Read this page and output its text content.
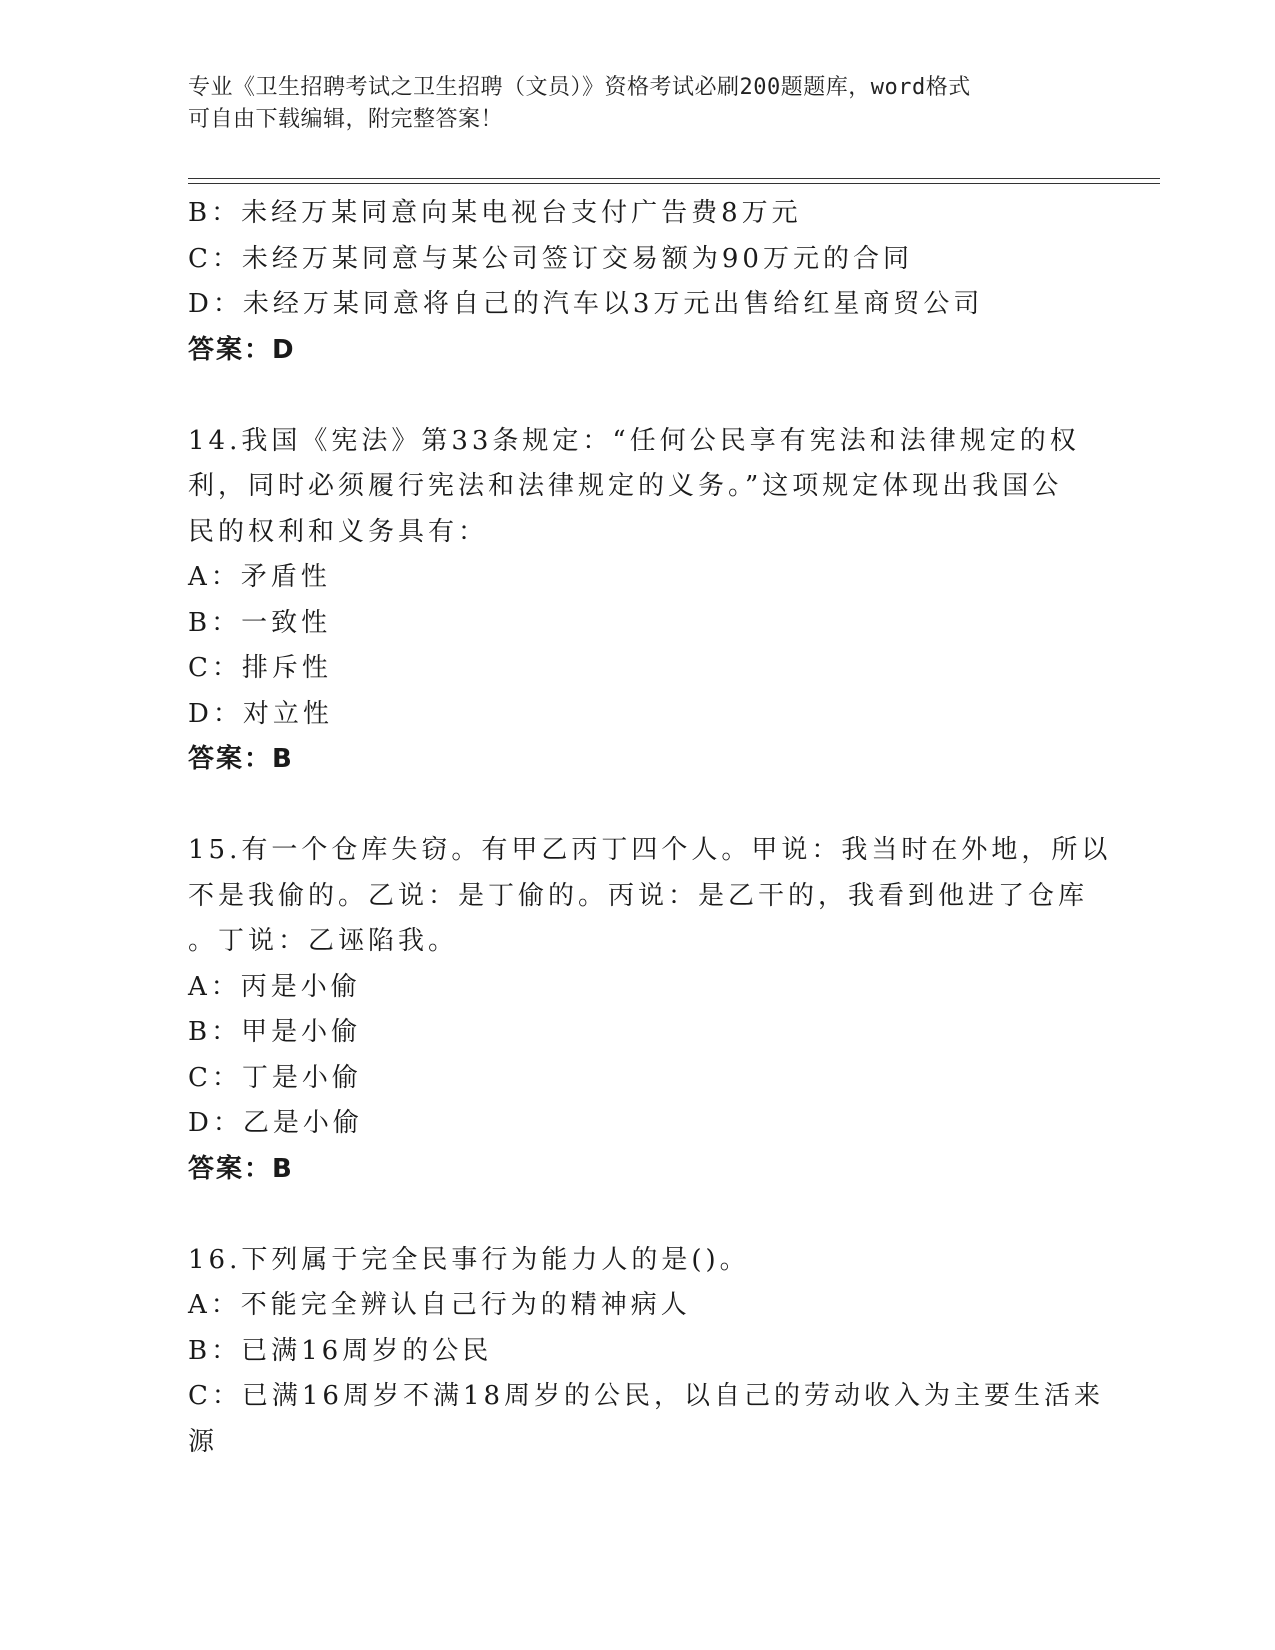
专业《卫生招聘考试之卫生招聘（文员）》资格考试必刷200题题库，word格式
可自由下载编辑，附完整答案！
B：未经万某同意向某电视台支付广告费8万元
C：未经万某同意与某公司签订交易额为90万元的合同
D：未经万某同意将自己的汽车以3万元出售给红星商贸公司
答案：D
14.我国《宪法》第33条规定：“任何公民享有宪法和法律规定的权
利，同时必须履行宪法和法律规定的义务。”这项规定体现出我国公
民的权利和义务具有：
A：矛盾性
B：一致性
C：排斥性
D：对立性
答案：B
15.有一个仓库失窃。有甲乙丙丁四个人。甲说：我当时在外地，所以
不是我偷的。乙说：是丁偷的。丙说：是乙干的，我看到他进了仓库
。丁说：乙诬陷我。
A：丙是小偷
B：甲是小偷
C：丁是小偷
D：乙是小偷
答案：B
16.下列属于完全民事行为能力人的是()。
A：不能完全辨认自己行为的精神病人
B：已满16周岁的公民
C：已满16周岁不满18周岁的公民，以自己的劳动收入为主要生活来
源
